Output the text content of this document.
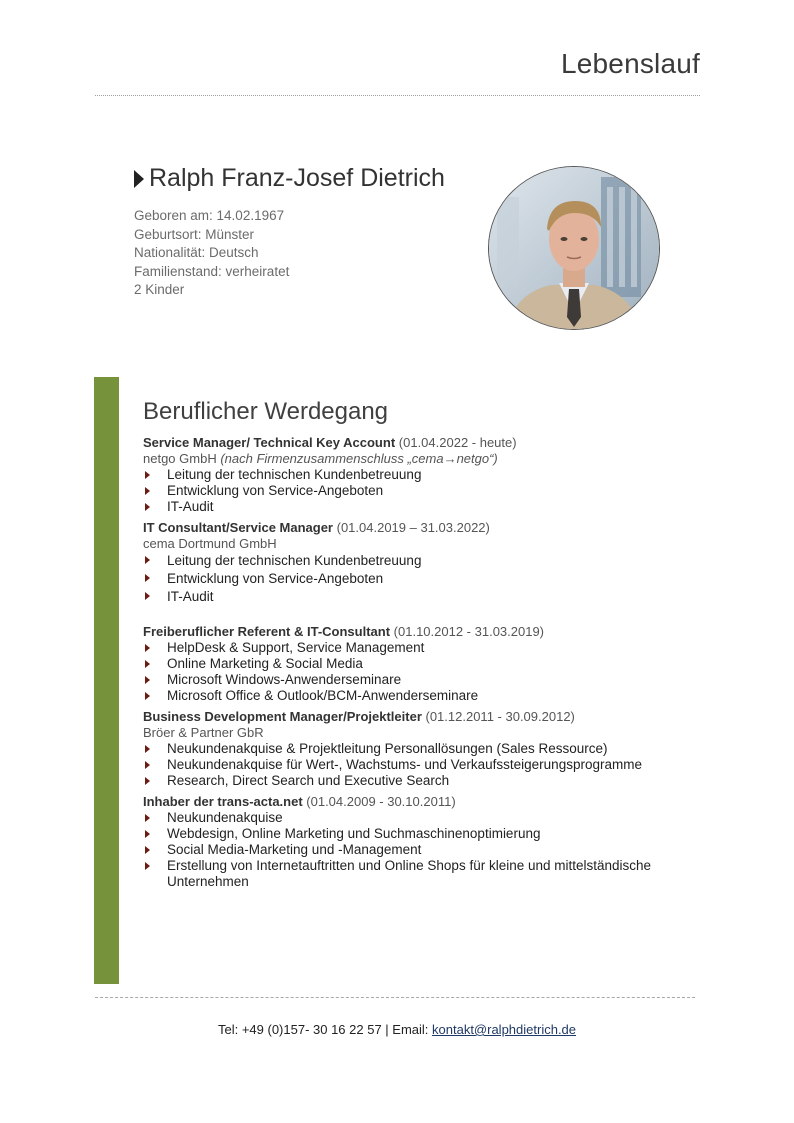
Lebenslauf
Ralph Franz-Josef Dietrich
Geboren am: 14.02.1967
Geburtsort: Münster
Nationalität: Deutsch
Familienstand: verheiratet
2 Kinder
Beruflicher Werdegang
Service Manager/ Technical Key Account (01.04.2022 - heute)
netgo GmbH (nach Firmenzusammenschluss „cema→netgo“)
Leitung der technischen Kundenbetreuung
Entwicklung von Service-Angeboten
IT-Audit
IT Consultant/Service Manager (01.04.2019 – 31.03.2022)
cema Dortmund GmbH
Leitung der technischen Kundenbetreuung
Entwicklung von Service-Angeboten
IT-Audit
Freiberuflicher Referent & IT-Consultant (01.10.2012 - 31.03.2019)
HelpDesk & Support, Service Management
Online Marketing & Social Media
Microsoft Windows-Anwenderseminare
Microsoft Office & Outlook/BCM-Anwenderseminare
Business Development Manager/Projektleiter (01.12.2011 - 30.09.2012)
Bröer & Partner GbR
Neukundenakquise & Projektleitung Personallösungen (Sales Ressource)
Neukundenakquise für Wert-, Wachstums- und Verkaufssteigerungsprogramme
Research, Direct Search und Executive Search
Inhaber der trans-acta.net (01.04.2009 - 30.10.2011)
Neukundenakquise
Webdesign, Online Marketing und Suchmaschinenoptimierung
Social Media-Marketing und -Management
Erstellung von Internetauftritten und Online Shops für kleine und mittelständische Unternehmen
Tel: +49 (0)157- 30 16 22 57 | Email: kontakt@ralphdietrich.de
